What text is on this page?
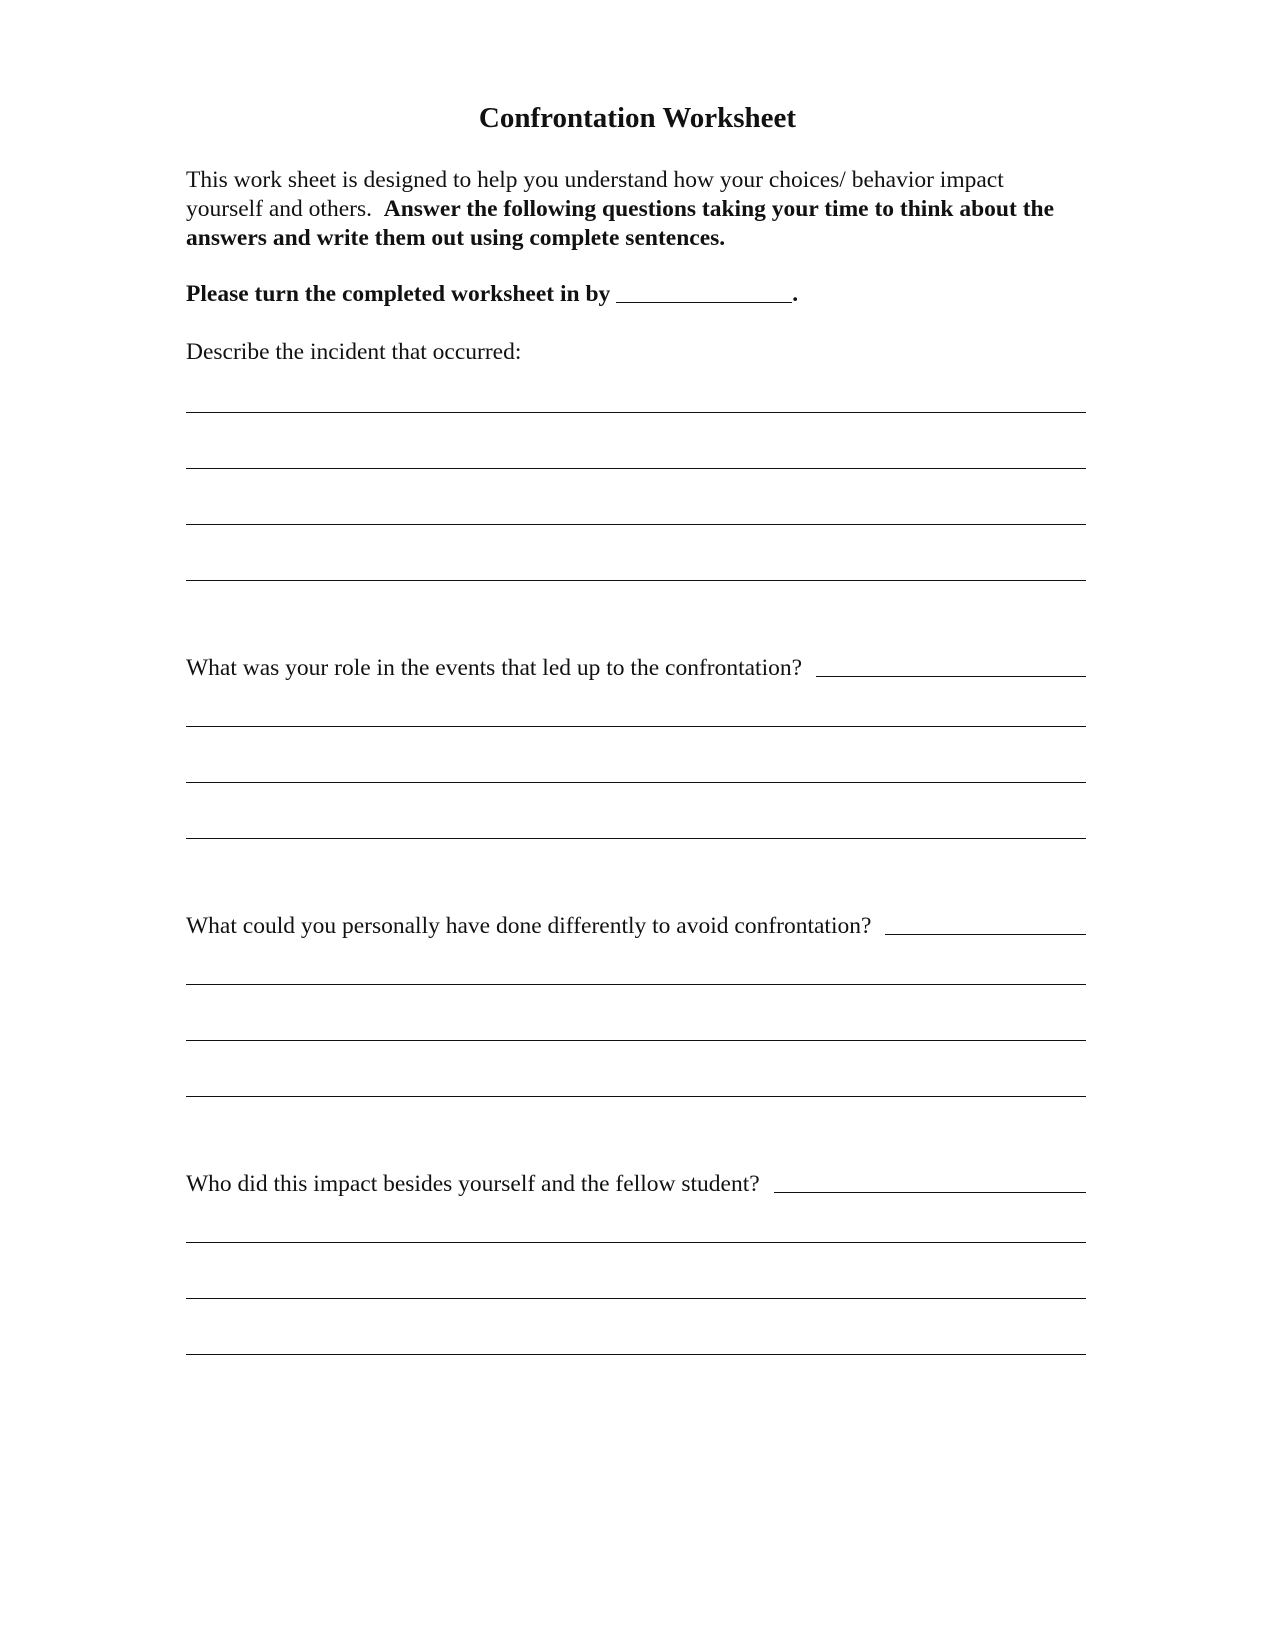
Confrontation Worksheet
This work sheet is designed to help you understand how your choices/ behavior impact yourself and others. Answer the following questions taking your time to think about the answers and write them out using complete sentences.
Please turn the completed worksheet in by	.
Describe the incident that occurred:
What was your role in the events that led up to the confrontation?
What could you personally have done differently to avoid confrontation?
Who did this impact besides yourself and the fellow student?
